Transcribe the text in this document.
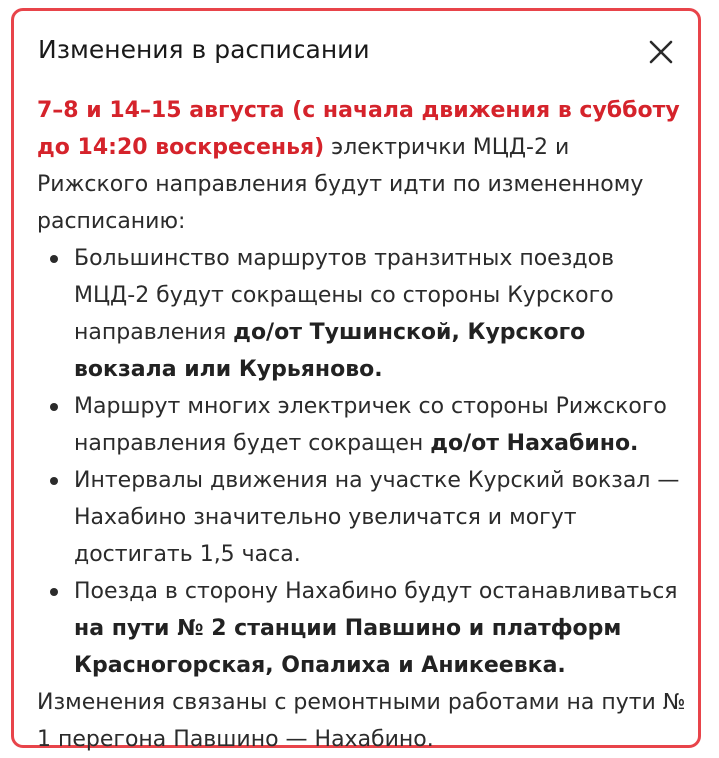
Изменения в расписании

7–8 и 14–15 августа (с начала движения в субботу до 14:20 воскресенья) электрички МЦД-2 и Рижского направления будут идти по измененному расписанию:

Большинство маршрутов транзитных поездов МЦД-2 будут сокращены со стороны Курского направления до/от Тушинской, Курского вокзала или Курьяново.
Маршрут многих электричек со стороны Рижского направления будет сокращен до/от Нахабино.
Интервалы движения на участке Курский вокзал — Нахабино значительно увеличатся и могут достигать 1,5 часа.
Поезда в сторону Нахабино будут останавливаться на пути № 2 станции Павшино и платформ Красногорская, Опалиха и Аникеевка.

Изменения связаны с ремонтными работами на пути № 1 перегона Павшино — Нахабино.
